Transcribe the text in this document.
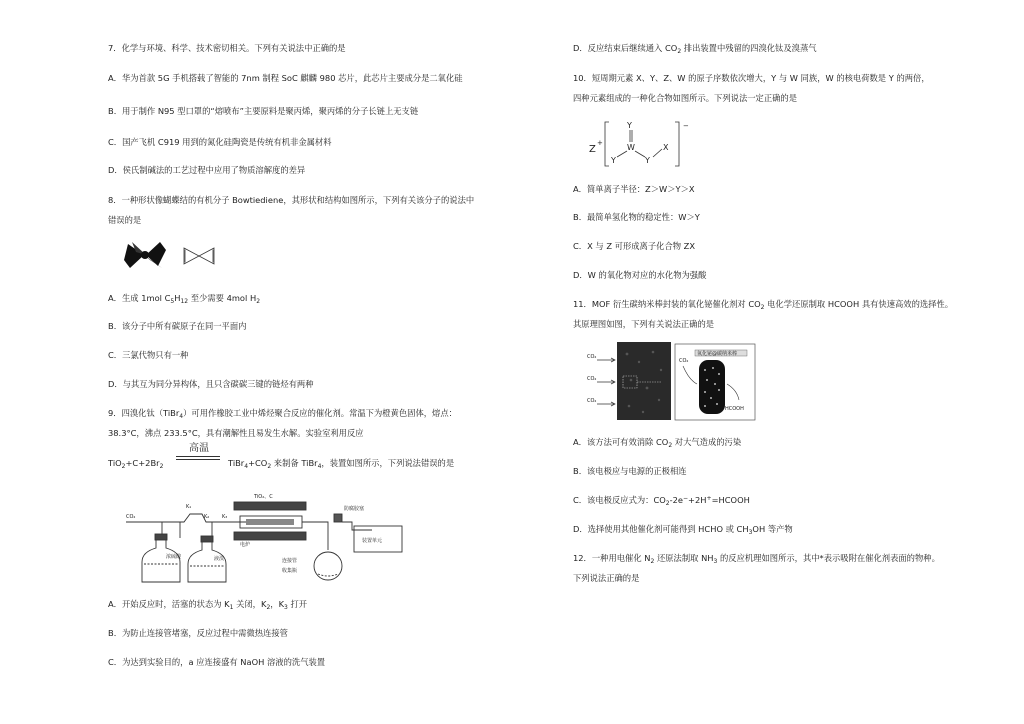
7．化学与环境、科学、技术密切相关。下列有关说法中正确的是
A．华为首款 5G 手机搭载了智能的 7nm 制程 SoC 麒麟 980 芯片，此芯片主要成分是二氧化硅
B．用于制作 N95 型口罩的“熔喷布”主要原料是聚丙烯，聚丙烯的分子长链上无支链
C．国产飞机 C919 用到的氮化硅陶瓷是传统有机非金属材料
D．侯氏制碱法的工艺过程中应用了物质溶解度的差异
8．一种形状像蝴蝶结的有机分子 Bowtiediene，其形状和结构如图所示，下列有关该分子的说法中
错误的是
A．生成 1mol $C_5H_{12}$ 至少需要 4mol $H_2$
B．该分子中所有碳原子在同一平面内
C．三氯代物只有一种
D．与其互为同分异构体，且只含碳碳三键的链烃有两种
9．四溴化钛（TiBr$_4$）可用作橡胶工业中烯烃聚合反应的催化剂。常温下为橙黄色固体，熔点：
38.3°C，沸点 233.5°C，具有潮解性且易发生水解。实验室利用反应
高温
$TiO_2+C+2Br_2$	$TiBr_4+CO_2$ 来制备 TiBr$_4$，装置如图所示，下列说法错误的是
CO₂
K₁
K₂	K₃
TiO₂、C
电炉
防腐胶塞
连接管
收集瓶
装置单元
浓硫酸	液溴
A．开始反应时，活塞的状态为 $K_1$ 关闭，$K_2$，$K_3$ 打开
B．为防止连接管堵塞，反应过程中需微热连接管
C．为达到实验目的，a 应连接盛有 NaOH 溶液的洗气装置
D．反应结束后继续通入 $CO_2$ 排出装置中残留的四溴化钛及溴蒸气
10．短周期元素 X、Y、Z、W 的原子序数依次增大，Y 与 W 同族，W 的核电荷数是 Y 的两倍，
四种元素组成的一种化合物如图所示。下列说法一定正确的是
Z
+
Y
W
Y	Y
X
−
A．简单离子半径：Z＞W＞Y＞X
B．最简单氢化物的稳定性：W＞Y
C．X 与 Z 可形成离子化合物 ZX
D．W 的氧化物对应的水化物为强酸
11．MOF 衍生碳纳米棒封装的氧化铋催化剂对 $CO_2$ 电化学还原制取 HCOOH 具有快速高效的选择性。
其原理图如图，下列有关说法正确的是
CO₂
CO₂
CO₂
氧化铋@碳纳米棒
CO₂
HCOOH
A．该方法可有效消除 $CO_2$ 对大气造成的污染
B．该电极应与电源的正极相连
C．该电极反应式为：$CO_2-2e^-+2H^+=HCOOH$
D．选择使用其他催化剂可能得到 HCHO 或 $CH_3OH$ 等产物
12．一种用电催化 $N_2$ 还原法制取 $NH_3$ 的反应机理如图所示，其中*表示吸附在催化剂表面的物种。
下列说法正确的是
